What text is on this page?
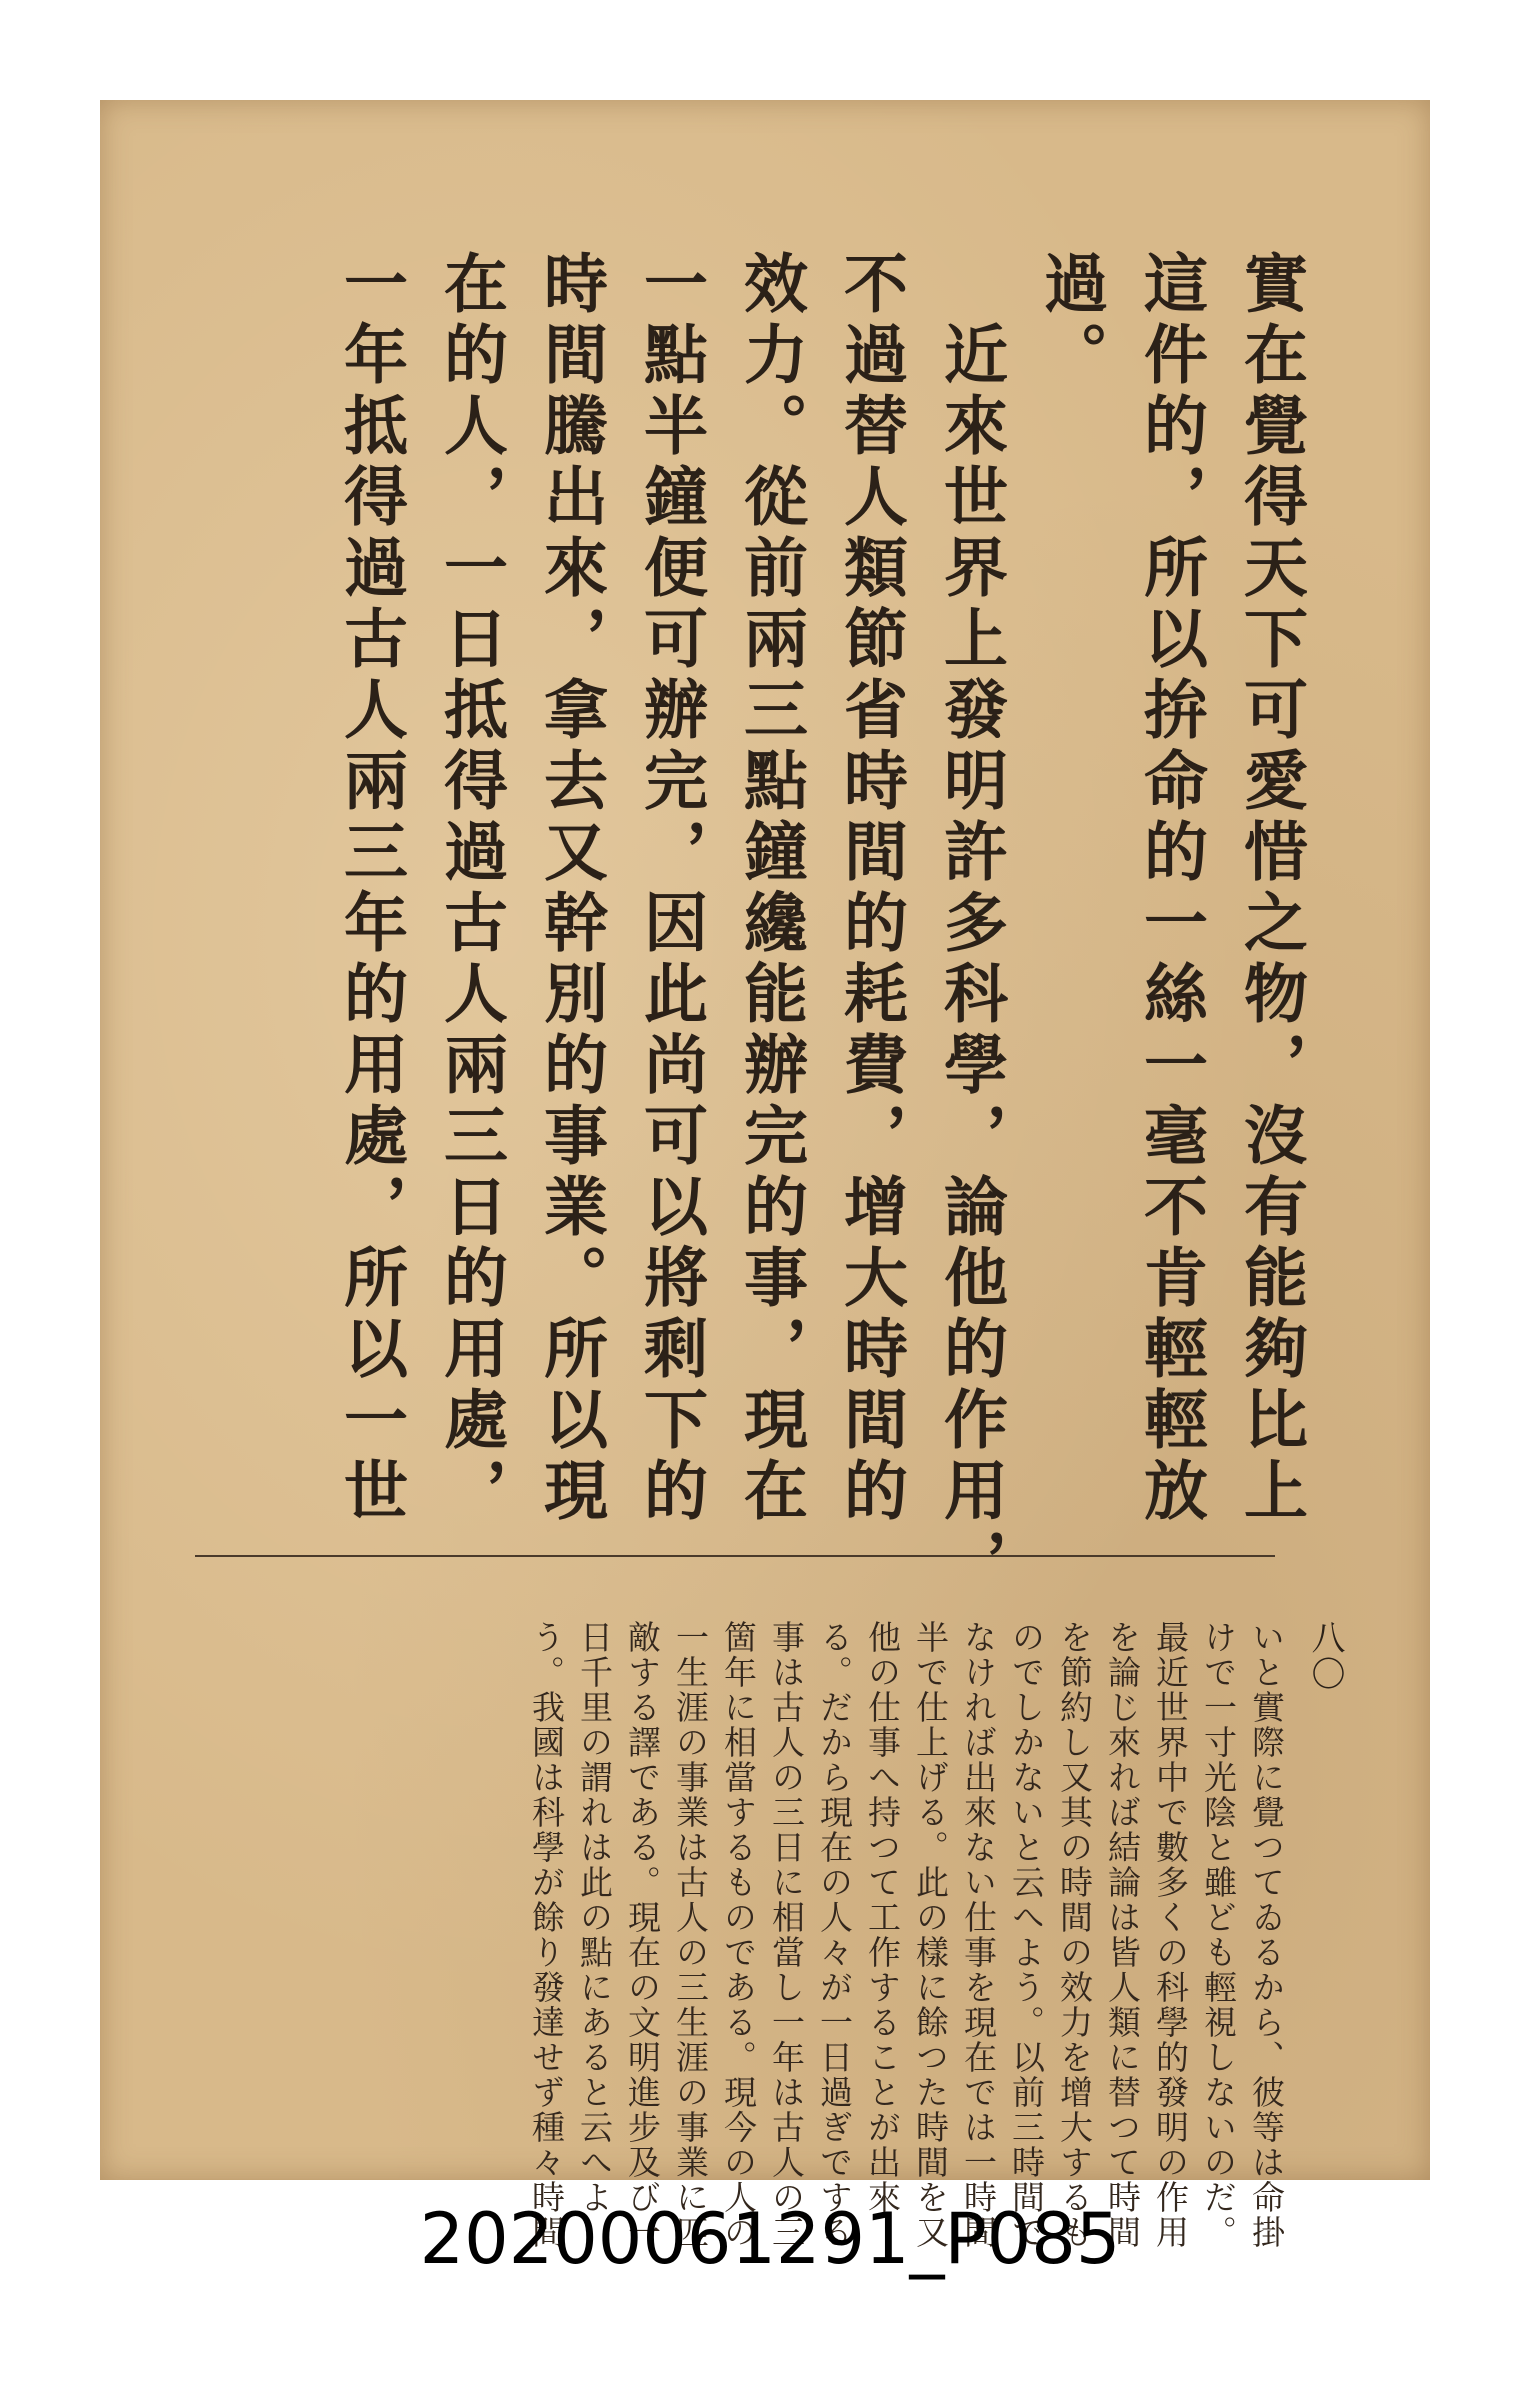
實在覺得天下可愛惜之物，沒有能夠比上
這件的，所以拚命的一絲一毫不肯輕輕放
過。
　近來世界上發明許多科學，論他的作用，
不過替人類節省時間的耗費，增大時間的
效力。從前兩三點鐘纔能辦完的事，現在
一點半鐘便可辦完，因此尚可以將剩下的
時間騰出來，拿去又幹別的事業。所以現
在的人，一日抵得過古人兩三日的用處，
一年抵得過古人兩三年的用處，所以一世
八〇
いと實際に覺つてゐるから、彼等は命掛
けで一寸光陰と雖ども輕視しないのだ。
最近世界中で數多くの科學的發明の作用
を論じ來れば結論は皆人類に替つて時間
を節約し又其の時間の效力を增大するも
のでしかないと云へよう。以前三時間で
なければ出來ない仕事を現在では一時間
半で仕上げる。此の樣に餘つた時間を又
他の仕事へ持つて工作することが出來
る。だから現在の人々が一日過ぎでする
事は古人の三日に相當し一年は古人の三
箇年に相當するものである。現今の人の
一生涯の事業は古人の三生涯の事業に匹
敵する譯である。現在の文明進步及び一
日千里の謂れは此の點にあると云へよ
う。我國は科學が餘り發達せず種々時間
20200061291_P085
